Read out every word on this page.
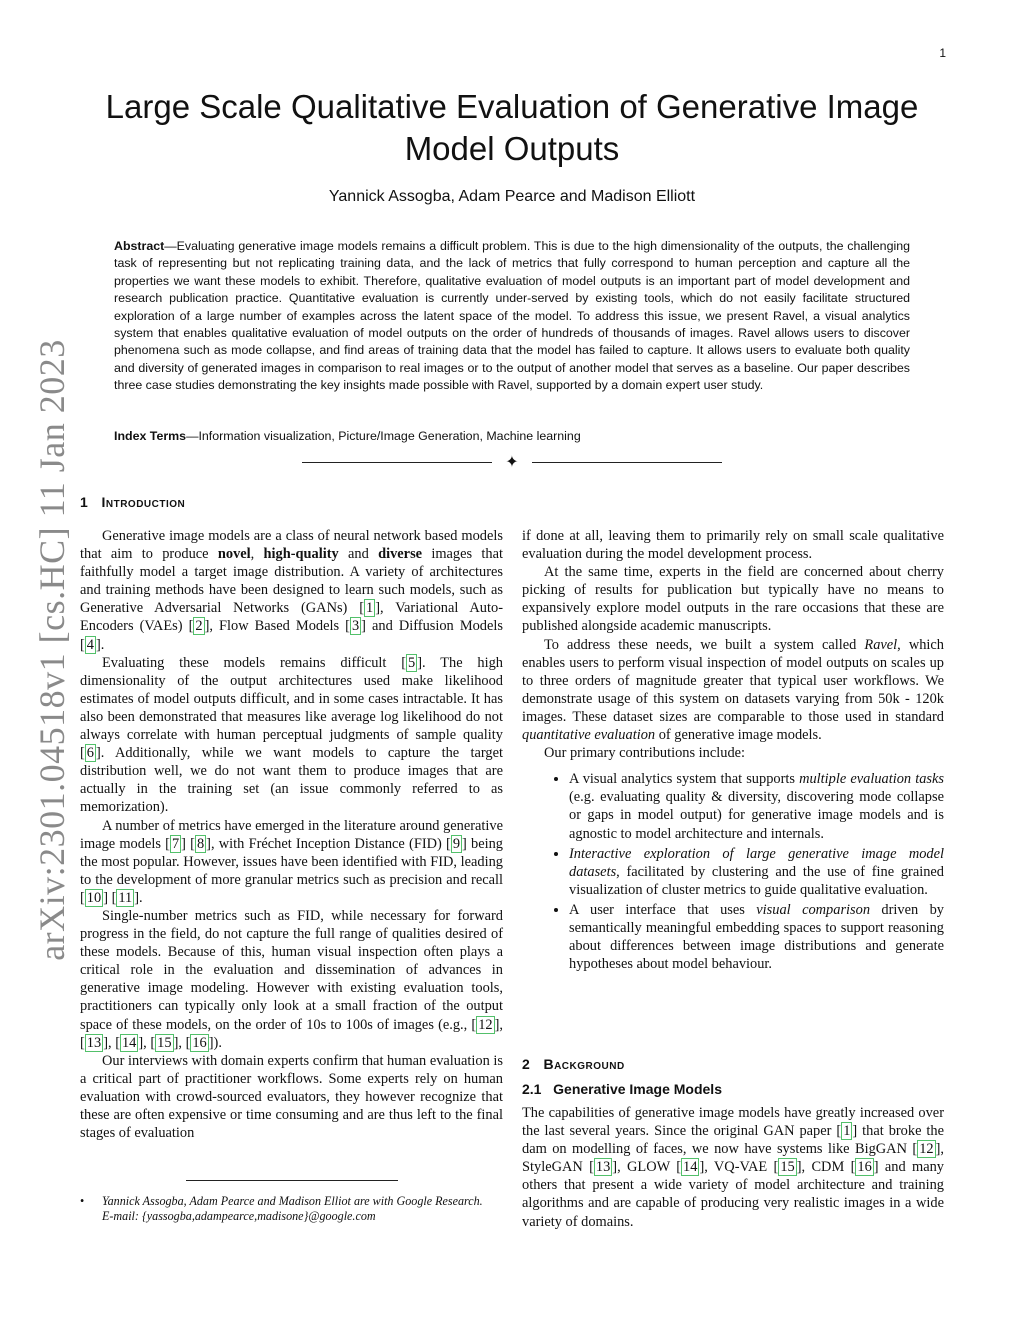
1
arXiv:2301.04518v1 [cs.HC] 11 Jan 2023
Large Scale Qualitative Evaluation of Generative Image Model Outputs
Yannick Assogba, Adam Pearce and Madison Elliott
Abstract—Evaluating generative image models remains a difficult problem. This is due to the high dimensionality of the outputs, the challenging task of representing but not replicating training data, and the lack of metrics that fully correspond to human perception and capture all the properties we want these models to exhibit. Therefore, qualitative evaluation of model outputs is an important part of model development and research publication practice. Quantitative evaluation is currently under-served by existing tools, which do not easily facilitate structured exploration of a large number of examples across the latent space of the model. To address this issue, we present Ravel, a visual analytics system that enables qualitative evaluation of model outputs on the order of hundreds of thousands of images. Ravel allows users to discover phenomena such as mode collapse, and find areas of training data that the model has failed to capture. It allows users to evaluate both quality and diversity of generated images in comparison to real images or to the output of another model that serves as a baseline. Our paper describes three case studies demonstrating the key insights made possible with Ravel, supported by a domain expert user study.
Index Terms—Information visualization, Picture/Image Generation, Machine learning
✦
1 Introduction

Generative image models are a class of neural network based models that aim to produce novel, high-quality and diverse images that faithfully model a target image distribution. A variety of architectures and training methods have been designed to learn such models, such as Generative Adversarial Networks (GANs) [ 1 ], Variational Auto-Encoders (VAEs) [ 2 ], Flow Based Models [ 3 ] and Diffusion Models [ 4 ].

Evaluating these models remains difficult [ 5 ]. The high dimensionality of the output architectures used make likelihood estimates of model outputs difficult, and in some cases intractable. It has also been demonstrated that measures like average log likelihood do not always correlate with human perceptual judgments of sample quality [ 6 ]. Additionally, while we want models to capture the target distribution well, we do not want them to produce images that are actually in the training set (an issue commonly referred to as memorization).

A number of metrics have emerged in the literature around generative image models [ 7 ] [ 8 ], with Fréchet Inception Distance (FID) [ 9 ] being the most popular. However, issues have been identified with FID, leading to the development of more granular metrics such as precision and recall [ 10 ] [ 11 ].

Single-number metrics such as FID, while necessary for forward progress in the field, do not capture the full range of qualities desired of these models. Because of this, human visual inspection often plays a critical role in the evaluation and dissemination of advances in generative image modeling. However with existing evaluation tools, practitioners can typically only look at a small fraction of the output space of these models, on the order of 10s to 100s of images (e.g., [ 12 ], [ 13 ], [ 14 ], [ 15 ], [ 16 ]).

Our interviews with domain experts confirm that human evaluation is a critical part of practitioner workflows. Some experts rely on human evaluation with crowd-sourced evaluators, they however recognize that these are often expensive or time consuming and are thus left to the final stages of evaluation

• Yannick Assogba, Adam Pearce and Madison Elliot are with Google Research.
E-mail: {yassogba,adampearce,madisone}@google.com

if done at all, leaving them to primarily rely on small scale qualitative evaluation during the model development process.

At the same time, experts in the field are concerned about cherry picking of results for publication but typically have no means to expansively explore model outputs in the rare occasions that these are published alongside academic manuscripts.

To address these needs, we built a system called Ravel, which enables users to perform visual inspection of model outputs on scales up to three orders of magnitude greater that typical user workflows. We demonstrate usage of this system on datasets varying from 50k - 120k images. These dataset sizes are comparable to those used in standard quantitative evaluation of generative image models.

Our primary contributions include:

• A visual analytics system that supports multiple evaluation tasks (e.g. evaluating quality & diversity, discovering mode collapse or gaps in model output) for generative image models and is agnostic to model architecture and internals.
• Interactive exploration of large generative image model datasets, facilitated by clustering and the use of fine grained visualization of cluster metrics to guide qualitative evaluation.
• A user interface that uses visual comparison driven by semantically meaningful embedding spaces to support reasoning about differences between image distributions and generate hypotheses about model behaviour.
2 Background
2.1 Generative Image Models

The capabilities of generative image models have greatly increased over the last several years. Since the original GAN paper [ 1 ] that broke the dam on modelling of faces, we now have systems like BigGAN [ 12 ], StyleGAN [ 13 ], GLOW [ 14 ], VQ-VAE [ 15 ], CDM [ 16 ] and many others that present a wide variety of model architecture and training algorithms and are capable of producing very realistic images in a wide variety of domains.
